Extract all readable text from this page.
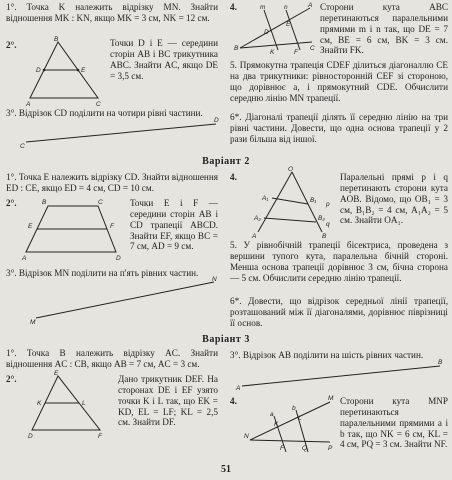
1°. Точка K належить відрізку MN. Знайти відношення MK : KN, якщо MK = 3 см, NK = 12 см.

2°.
B
D	E
A	C

Точки D і E — середини сторін AB і BC трикутника ABC. Знайти AC, якщо DE = 3,5 см.

3°. Відрізок CD поділити на чотири рівні частини.

C
D
4.
B
A
C
m	n
D
E
K	F

Сторони кута ABC перетинаються паралельними прямими m і n так, що DE = 7 см, BE = 6 см, BK = 3 см. Знайти FK.

5. Прямокутна трапеція CDEF ділиться діагоналлю CE на два трикутники: рівносторонній CEF зі стороною, що дорівнює a, і прямокутний CDE. Обчислити середню лінію MN трапеції.

6*. Діагоналі трапеції ділять її середню лінію на три рівні частини. Довести, що одна основа трапеції у 2 рази більша від іншої.

Варіант 2

1°. Точка E належить відрізку CD. Знайти відношення ED : CE, якщо ED = 4 см, CD = 10 см.

2°.	B	C
E	F
A	D

Точки E і F — середини сторін AB і CD трапеції ABCD. Знайти EF, якщо BC = 7 см, AD = 9 см.

3°. Відрізок MN поділити на п'ять рівних частин.

M
N
4.
O
A₁	B₁
A₂	B₂
A	B
p
q

Паралельні прямі p і q перетинають сторони кута AOB. Відомо, що OB₁ = 3 см, B₁B₂ = 4 см, A₁A₂ = 5 см. Знайти OA₁.

5. У рівнобічній трапеції бісектриса, проведена з вершини тупого кута, паралельна бічній стороні. Менша основа трапеції дорівнює 3 см, бічна сторона — 5 см. Обчислити середню лінію трапеції.

6*. Довести, що відрізок середньої лінії трапеції, розташований між її діагоналями, дорівнює піврізниці її основ.

Варіант 3

1°. Точка B належить відрізку AC. Знайти відношення AC : CB, якщо AB = 7 см, AC = 3 см.

2°.
E
K	L
D	F

Дано трикутник DEF. На сторонах DE і EF узято точки K і L так, що EK = KD, EL = LF; KL = 2,5 см. Знайти DF.

3°. Відрізок AB поділити на шість рівних частин.

A
B
4.
N
M
P
a
b
K
L
F	Q

Сторони кута MNP перетинаються паралельними прямими a і b так, що NK = 6 см, KL = 4 см, PQ = 3 см. Знайти NF.

51
